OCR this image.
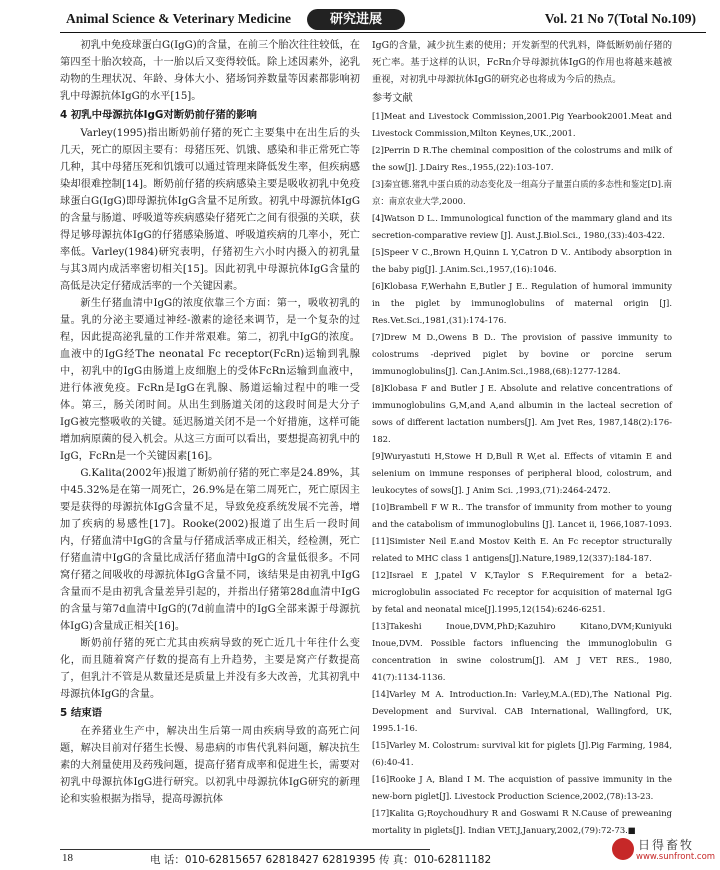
Animal Science & Veterinary Medicine	研究进展	Vol. 21 No 7(Total No.109)

初乳中免疫球蛋白G(IgG)的含量，在前三个胎次往往较低，在第四至十胎次较高，十一胎以后又变得较低。除上述因素外，泌乳动物的生理状况、年龄、身体大小、猪场饲养数量等因素都影响初乳中母源抗体IgG的水平[15]。

4 初乳中母源抗体IgG对断奶前仔猪的影响

Varley(1995)指出断奶前仔猪的死亡主要集中在出生后的头几天，死亡的原因主要有：母猪压死、饥饿、感染和非正常死亡等几种，其中母猪压死和饥饿可以通过管理来降低发生率，但疾病感染却很难控制[14]。断奶前仔猪的疾病感染主要是吸收初乳中免疫球蛋白G(IgG)即母源抗体IgG含量不足所致。初乳中母源抗体IgG的含量与肠道、呼吸道等疾病感染仔猪死亡之间有很强的关联，获得足够母源抗体IgG的仔猪感染肠道、呼吸道疾病的几率小，死亡率低。Varley(1984)研究表明，仔猪初生六小时内摄入的初乳量与其3周内成活率密切相关[15]。因此初乳中母源抗体IgG含量的高低是决定仔猪成活率的一个关键因素。

新生仔猪血清中IgG的浓度依靠三个方面：第一，吸收初乳的量。乳的分泌主要通过神经-激素的途径来调节，是一个复杂的过程，因此提高泌乳量的工作并常艰难。第二，初乳中IgG的浓度。血液中的IgG经The neonatal Fc receptor(FcRn)运输到乳腺中，初乳中的IgG由肠道上皮细胞上的受体FcRn运输到血液中，进行体液免疫。FcRn是IgG在乳腺、肠道运输过程中的唯一受体。第三，肠关闭时间。从出生到肠道关闭的这段时间是大分子IgG被完整吸收的关键。延迟肠道关闭不是一个好措施，这样可能增加病原菌的侵入机会。从这三方面可以看出，要想提高初乳中的IgG，FcRn是一个关键因素[16]。

G.Kalita(2002年)报道了断奶前仔猪的死亡率是24.89%，其中45.32%是在第一周死亡，26.9%是在第二周死亡，死亡原因主要是获得的母源抗体IgG含量不足，导致免疫系统发展不完善，增加了疾病的易感性[17]。Rooke(2002)报道了出生后一段时间内，仔猪血清中IgG的含量与仔猪成活率成正相关，经检测，死亡仔猪血清中IgG的含量比成活仔猪血清中IgG的含量低很多。不同窝仔猪之间吸收的母源抗体IgG含量不同，该结果是由初乳中IgG含量而不是由初乳含量差异引起的，并指出仔猪第28d血清中IgG的含量与第7d血清中IgG的(7d前血清中的IgG全部来源于母源抗体IgG)含量成正相关[16]。

断奶前仔猪的死亡尤其由疾病导致的死亡近几十年往什么变化，而且随着窝产仔数的提高有上升趋势，主要是窝产仔数提高了，但乳汁不管是从数量还是质量上并没有多大改善，尤其初乳中母源抗体IgG的含量。

5 结束语

在养猪业生产中，解决出生后第一周由疾病导致的高死亡问题，解决目前对仔猪生长慢、易患病的市售代乳料问题，解决抗生素的大剂量使用及药残问题，提高仔猪育成率和促进生长，需要对初乳中母源抗体IgG进行研究。以初乳中母源抗体IgG研究的新理论和实验根据为指导，提高母源抗体

IgG的含量，减少抗生素的使用；开发新型的代乳料，降低断奶前仔猪的死亡率。基于这样的认识，FcRn介导母源抗体IgG的作用也将越来越被重视，对初乳中母源抗体IgG的研究必也将成为今后的热点。

参考文献

[1]Meat and Livestock Commission,2001.Pig Yearbook2001.Meat and Livestock Commission,Milton Keynes,UK.,2001.

[2]Perrin D R.The cheminal composition of the colostrums and milk of the sow[J]. J.Dairy Res.,1955,(22):103-107.

[3]秦宜德.猪乳中蛋白质的动态变化及一组高分子量蛋白质的多态性和鉴定[D].南京：南京农业大学,2000.

[4]Watson D L.. Immunological function of the mammary gland and its secretion-comparative review [J]. Aust.J.Biol.Sci., 1980,(33):403-422.

[5]Speer V C.,Brown H,Quinn L Y,Catron D V.. Antibody absorption in the baby pig[J]. J.Anim.Sci.,1957,(16):1046.

[6]Klobasa F,Werhahn E,Butler J E.. Regulation of humoral immunity in the piglet by immunoglobulins of maternal origin [J]. Res.Vet.Sci.,1981,(31):174-176.

[7]Drew M D.,Owens B D.. The provision of passive immunity to colostrums -deprived piglet by bovine or porcine serum immunoglobulins[J]. Can.J.Anim.Sci.,1988,(68):1277-1284.

[8]Klobasa F and Butler J E. Absolute and relative concentrations of immunoglobulins G,M,and A,and albumin in the lacteal secretion of sows of different lactation numbers[J]. Am Jvet Res, 1987,148(2):176-182.

[9]Wuryastuti H,Stowe H D,Bull R W,et al. Effects of vitamin E and selenium on immune responses of peripheral blood, colostrum, and leukocytes of sows[J]. J Anim Sci. ,1993,(71):2464-2472.

[10]Brambell F W R.. The transfor of immunity from mother to young and the catabolism of immunoglobulins [J]. Lancet ii, 1966,1087-1093.

[11]Simister Neil E.and Mostov Keith E. An Fc receptor structurally related to MHC class 1 antigens[J].Nature,1989,12(337):184-187.

[12]Israel E J,patel V K,Taylor S F.Requirement for a beta2-microglobulin associated Fc receptor for acquisition of maternal IgG by fetal and neonatal mice[J].1995,12(154):6246-6251.

[13]Takeshi Inoue,DVM,PhD;Kazuhiro Kitano,DVM;Kuniyuki Inoue,DVM. Possible factors influencing the immunoglobulin G concentration in swine colostrum[J]. AM J VET RES., 1980, 41(7):1134-1136.

[14]Varley M A. Introduction.In: Varley,M.A.(ED),The National Pig. Development and Survival. CAB International, Wallingford, UK, 1995.1-16.

[15]Varley M. Colostrum: survival kit for piglets [J].Pig Farming, 1984,(6):40-41.

[16]Rooke J A, Bland I M. The acquistion of passive immunity in the new-born piglet[J]. Livestock Production Science,2002,(78):13-23.

[17]Kalita G;Roychoudhury R and Goswami R N.Cause of preweaning mortality in piglets[J]. Indian VET.J,January,2002,(79):72-73.■

18	电 话：010-62815657 62818427 62819395 传 真：010-62811182
日得畜牧
www.sunfront.com
